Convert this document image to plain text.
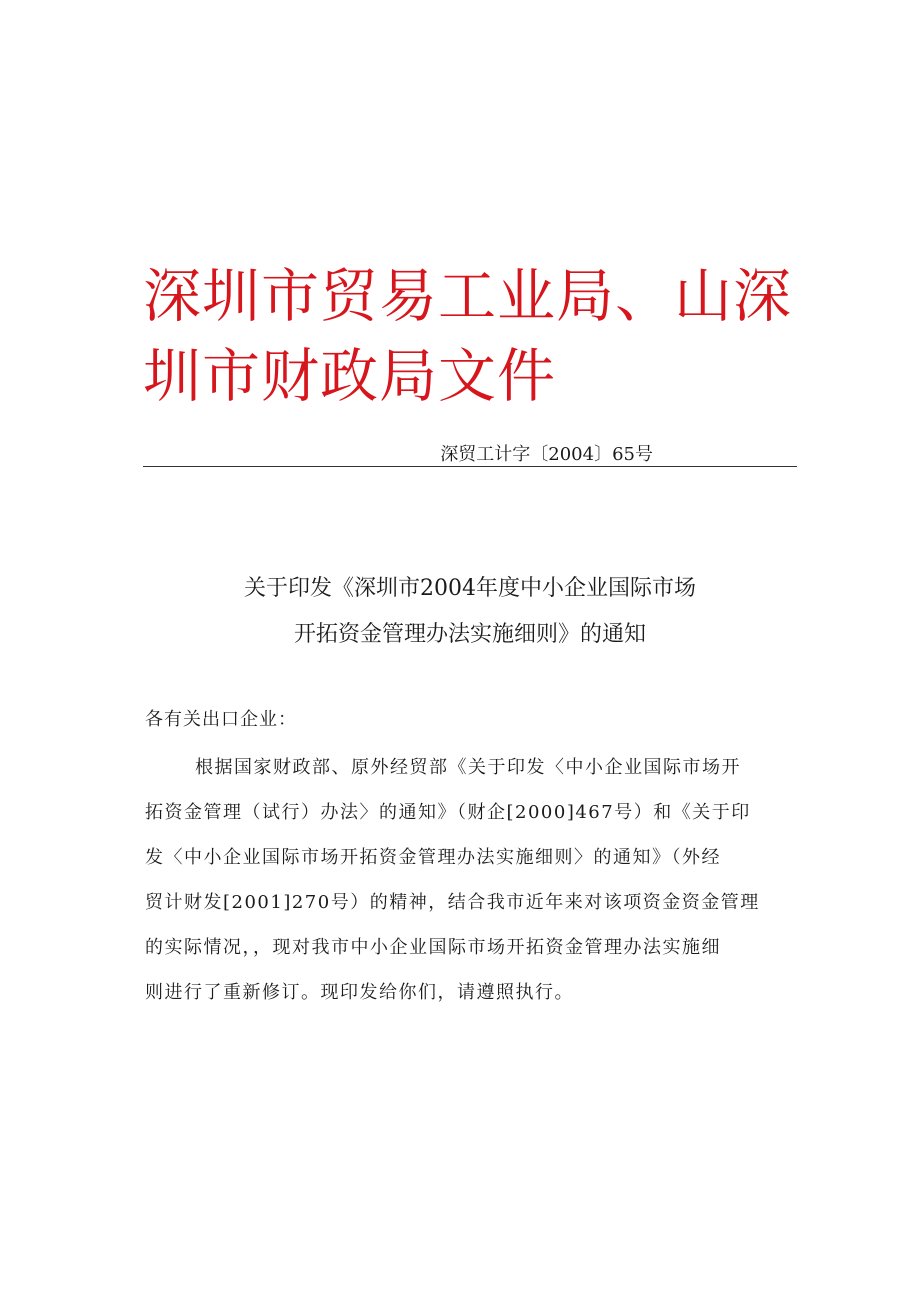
深圳市贸易工业局、山深
圳市财政局文件
深贸工计字〔2004〕65号
关于印发《深圳市2004年度中小企业国际市场
开拓资金管理办法实施细则》的通知
各有关出口企业：
根据国家财政部、原外经贸部《关于印发〈中小企业国际市场开
拓资金管理（试行）办法〉的通知》（财企[2000]467号）和《关于印
发〈中小企业国际市场开拓资金管理办法实施细则〉的通知》（外经
贸计财发[2001]270号）的精神，结合我市近年来对该项资金资金管理
的实际情况，，现对我市中小企业国际市场开拓资金管理办法实施细
则进行了重新修订。现印发给你们，请遵照执行。
